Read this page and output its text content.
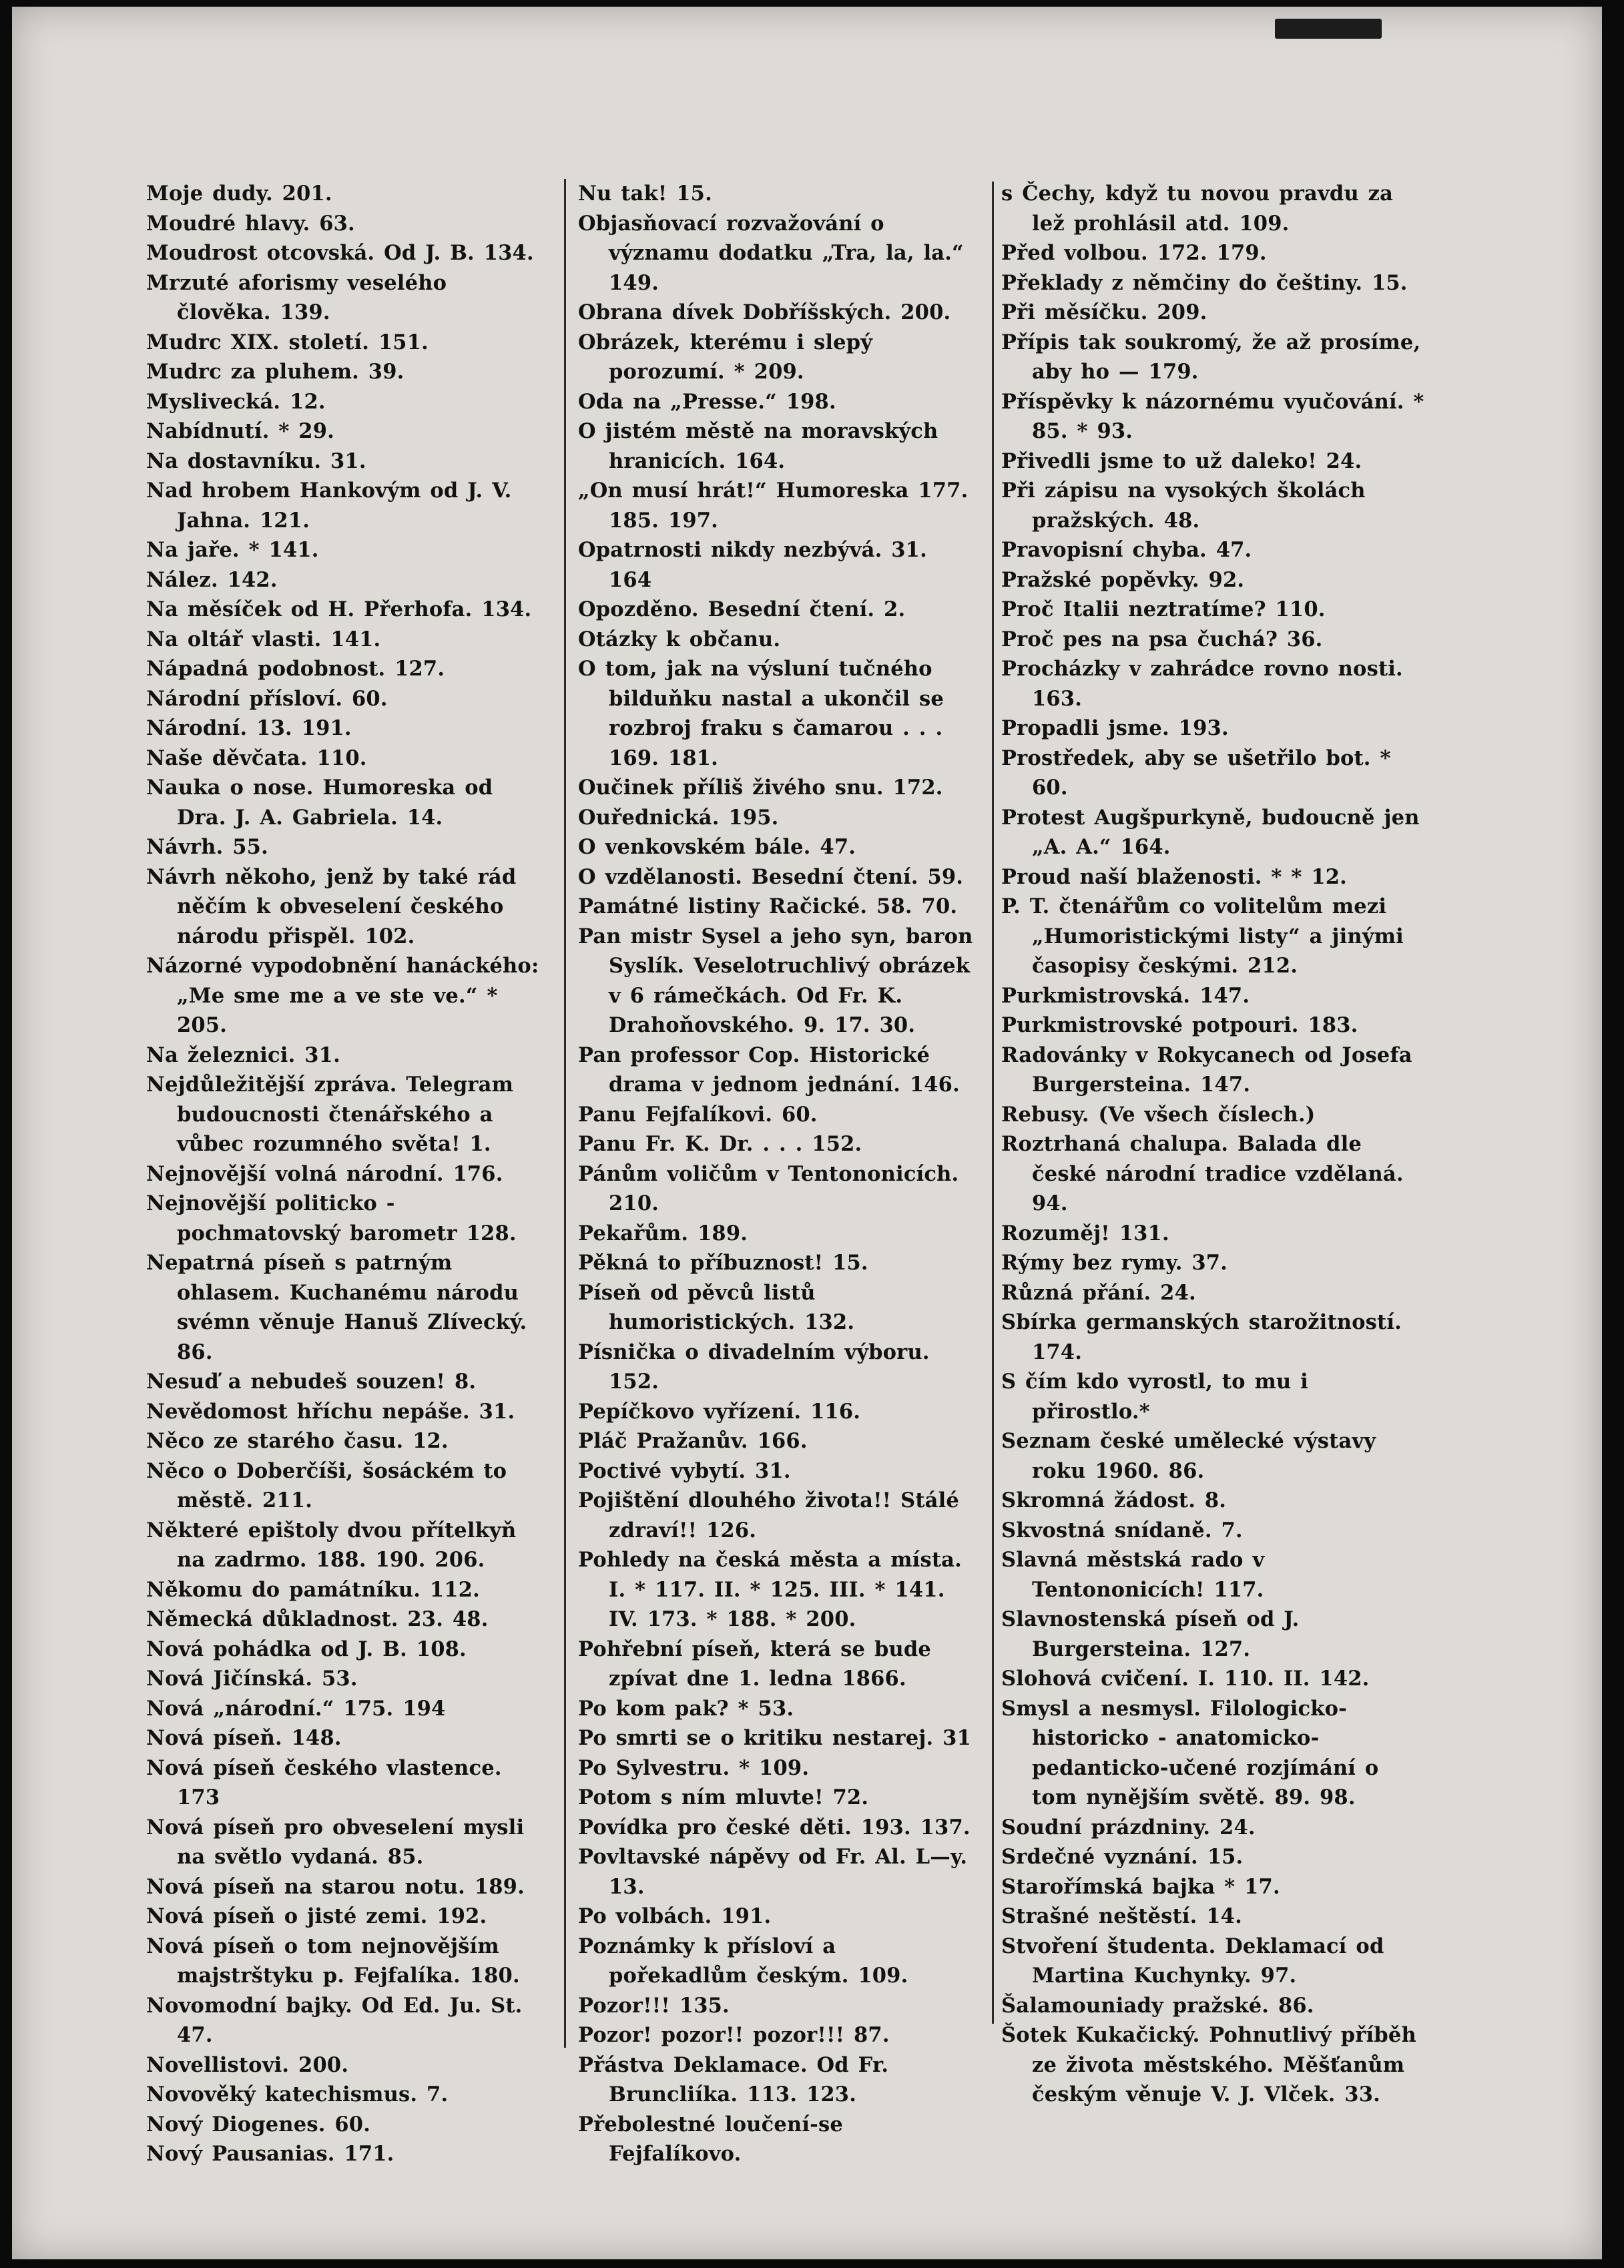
Moje dudy. 201.
Moudré hlavy. 63.
Moudrost otcovská. Od J. B. 134.
Mrzuté aforismy veselého člověka. 139.
Mudrc XIX. století. 151.
Mudrc za pluhem. 39.
Myslivecká. 12.
Nabídnutí. * 29.
Na dostavníku. 31.
Nad hrobem Hankovým od J. V. Jahna. 121.
Na jaře. * 141.
Nález. 142.
Na měsíček od H. Přerhofa. 134.
Na oltář vlasti. 141.
Nápadná podobnost. 127.
Národní přísloví. 60.
Národní. 13. 191.
Naše děvčata. 110.
Nauka o nose. Humoreska od Dra. J. A. Gabriela. 14.
Návrh. 55.
Návrh někoho, jenž by také rád něčím k obveselení českého národu přispěl. 102.
Názorné vypodobnění hanáckého: „Me sme me a ve ste ve.“ * 205.
Na železnici. 31.
Nejdůležitější zpráva. Telegram budoucnosti čtenářského a vůbec rozumného světa! 1.
Nejnovější volná národní. 176.
Nejnovější politicko - pochmatovský barometr 128.
Nepatrná píseň s patrným ohlasem. Kuchanému národu svémn věnuje Hanuš Zlívecký. 86.
Nesuď a nebudeš souzen! 8.
Nevědomost hříchu nepáše. 31.
Něco ze starého času. 12.
Něco o Doberčíši, šosáckém to městě. 211.
Některé epištoly dvou přítelkyň na zadrmo. 188. 190. 206.
Někomu do památníku. 112.
Německá důkladnost. 23. 48.
Nová pohádka od J. B. 108.
Nová Jičínská. 53.
Nová „národní.“ 175. 194
Nová píseň. 148.
Nová píseň českého vlastence. 173
Nová píseň pro obveselení mysli na světlo vydaná. 85.
Nová píseň na starou notu. 189.
Nová píseň o jisté zemi. 192.
Nová píseň o tom nejnovějším majstrštyku p. Fejfalíka. 180.
Novomodní bajky. Od Ed. Ju. St. 47.
Novellistovi. 200.
Novověký katechismus. 7.
Nový Diogenes. 60.
Nový Pausanias. 171.
Nu tak! 15.
Objasňovací rozvažování o významu dodatku „Tra, la, la.“ 149.
Obrana dívek Dobříšských. 200.
Obrázek, kterému i slepý porozumí. * 209.
Oda na „Presse.“ 198.
O jistém městě na moravských hranicích. 164.
„On musí hrát!“ Humoreska 177. 185. 197.
Opatrnosti nikdy nezbývá. 31. 164
Opozděno. Besední čtení. 2.
Otázky k občanu.
O tom, jak na výsluní tučného bilduňku nastal a ukončil se rozbroj fraku s čamarou . . . 169. 181.
Oučinek příliš živého snu. 172.
Ouřednická. 195.
O venkovském bále. 47.
O vzdělanosti. Besední čtení. 59.
Památné listiny Račické. 58. 70.
Pan mistr Sysel a jeho syn, baron Syslík. Veselotruchlivý obrázek v 6 rámečkách. Od Fr. K. Drahoňovského. 9. 17. 30.
Pan professor Cop. Historické drama v jednom jednání. 146.
Panu Fejfalíkovi. 60.
Panu Fr. K. Dr. . . . 152.
Pánům voličům v Tentononicích. 210.
Pekařům. 189.
Pěkná to příbuznost! 15.
Píseň od pěvců listů humoristických. 132.
Písnička o divadelním výboru. 152.
Pepíčkovo vyřízení. 116.
Pláč Pražanův. 166.
Poctivé vybytí. 31.
Pojištění dlouhého života!! Stálé zdraví!! 126.
Pohledy na česká města a místa. I. * 117. II. * 125. III. * 141. IV. 173. * 188. * 200.
Pohřební píseň, která se bude zpívat dne 1. ledna 1866.
Po kom pak? * 53.
Po smrti se o kritiku nestarej. 31
Po Sylvestru. * 109.
Potom s ním mluvte! 72.
Povídka pro české děti. 193. 137.
Povltavské nápěvy od Fr. Al. L—y. 13.
Po volbách. 191.
Poznámky k přísloví a pořekadlům českým. 109.
Pozor!!! 135.
Pozor! pozor!! pozor!!! 87.
Přástva Deklamace. Od Fr. Bruncliíka. 113. 123.
Přebolestné loučení-se Fejfalíkovo.
s Čechy, když tu novou pravdu za lež prohlásil atd. 109.
Před volbou. 172. 179.
Překlady z němčiny do češtiny. 15.
Při měsíčku. 209.
Přípis tak soukromý, že až prosíme, aby ho — 179.
Příspěvky k názornému vyučování. * 85. * 93.
Přivedli jsme to už daleko! 24.
Při zápisu na vysokých školách pražských. 48.
Pravopisní chyba. 47.
Pražské popěvky. 92.
Proč Italii neztratíme? 110.
Proč pes na psa čuchá? 36.
Procházky v zahrádce rovno nosti. 163.
Propadli jsme. 193.
Prostředek, aby se ušetřilo bot. * 60.
Protest Augšpurkyně, budoucně jen „A. A.“ 164.
Proud naší blaženosti. * * 12.
P. T. čtenářům co volitelům mezi „Humoristickými listy“ a jinými časopisy českými. 212.
Purkmistrovská. 147.
Purkmistrovské potpouri. 183.
Radovánky v Rokycanech od Josefa Burgersteina. 147.
Rebusy. (Ve všech číslech.)
Roztrhaná chalupa. Balada dle české národní tradice vzdělaná. 94.
Rozuměj! 131.
Rýmy bez rymy. 37.
Různá přání. 24.
Sbírka germanských starožitností. 174.
S čím kdo vyrostl, to mu i přirostlo.*
Seznam české umělecké výstavy roku 1960. 86.
Skromná žádost. 8.
Skvostná snídaně. 7.
Slavná městská rado v Tentononicích! 117.
Slavnostenská píseň od J. Burgersteina. 127.
Slohová cvičení. I. 110. II. 142.
Smysl a nesmysl. Filologicko-historicko - anatomicko-pedanticko-učené rozjímání o tom nynějším světě. 89. 98.
Soudní prázdniny. 24.
Srdečné vyznání. 15.
Starořímská bajka * 17.
Strašné neštěstí. 14.
Stvoření študenta. Deklamací od Martina Kuchynky. 97.
Šalamouniady pražské. 86.
Šotek Kukačický. Pohnutlivý příběh ze života městského. Měšťanům českým věnuje V. J. Vlček. 33.
